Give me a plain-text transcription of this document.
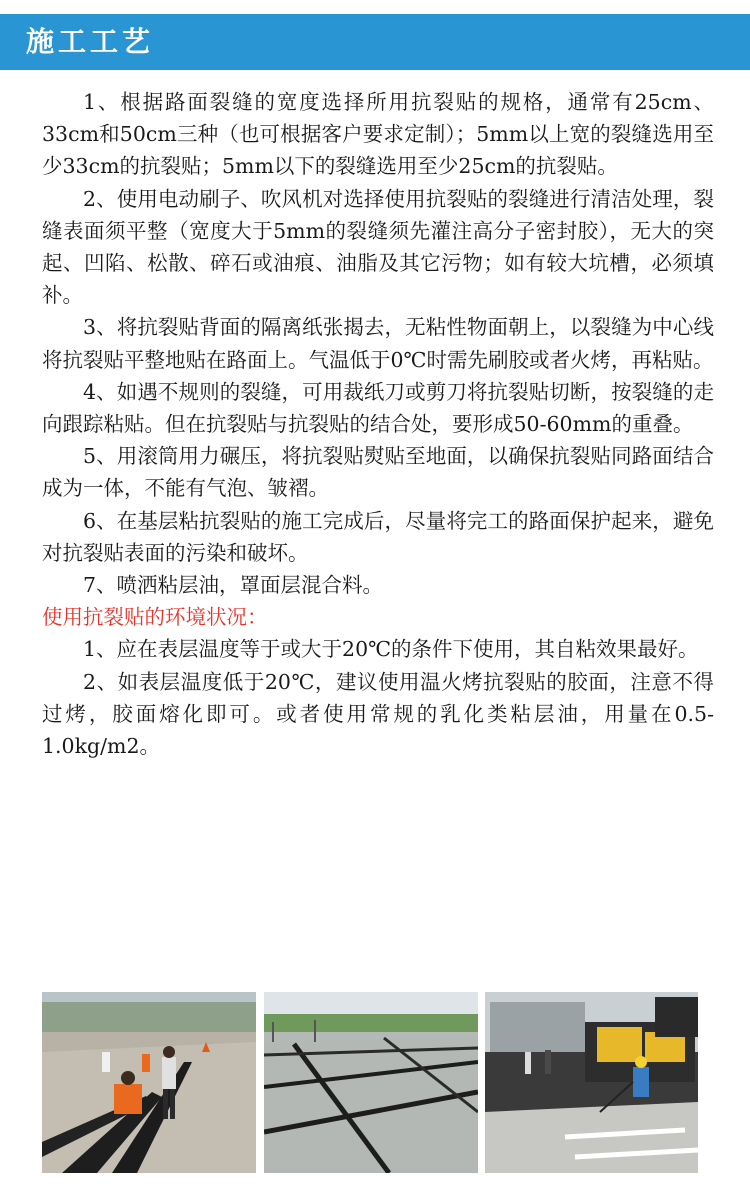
施工工艺

1、根据路面裂缝的宽度选择所用抗裂贴的规格，通常有25cm、33cm和50cm三种（也可根据客户要求定制）；5mm以上宽的裂缝选用至少33cm的抗裂贴；5mm以下的裂缝选用至少25cm的抗裂贴。

2、使用电动刷子、吹风机对选择使用抗裂贴的裂缝进行清洁处理，裂缝表面须平整（宽度大于5mm的裂缝须先灌注高分子密封胶），无大的突起、凹陷、松散、碎石或油痕、油脂及其它污物；如有较大坑槽，必须填补。

3、将抗裂贴背面的隔离纸张揭去，无粘性物面朝上，以裂缝为中心线将抗裂贴平整地贴在路面上。气温低于0℃时需先刷胶或者火烤，再粘贴。

4、如遇不规则的裂缝，可用裁纸刀或剪刀将抗裂贴切断，按裂缝的走向跟踪粘贴。但在抗裂贴与抗裂贴的结合处，要形成50-60mm的重叠。

5、用滚筒用力碾压，将抗裂贴熨贴至地面，以确保抗裂贴同路面结合成为一体，不能有气泡、皱褶。

6、在基层粘抗裂贴的施工完成后，尽量将完工的路面保护起来，避免对抗裂贴表面的污染和破坏。

7、喷洒粘层油，罩面层混合料。

使用抗裂贴的环境状况：

1、应在表层温度等于或大于20℃的条件下使用，其自粘效果最好。

2、如表层温度低于20℃，建议使用温火烤抗裂贴的胶面，注意不得过烤，胶面熔化即可。或者使用常规的乳化类粘层油，用量在0.5-1.0kg/m2。
